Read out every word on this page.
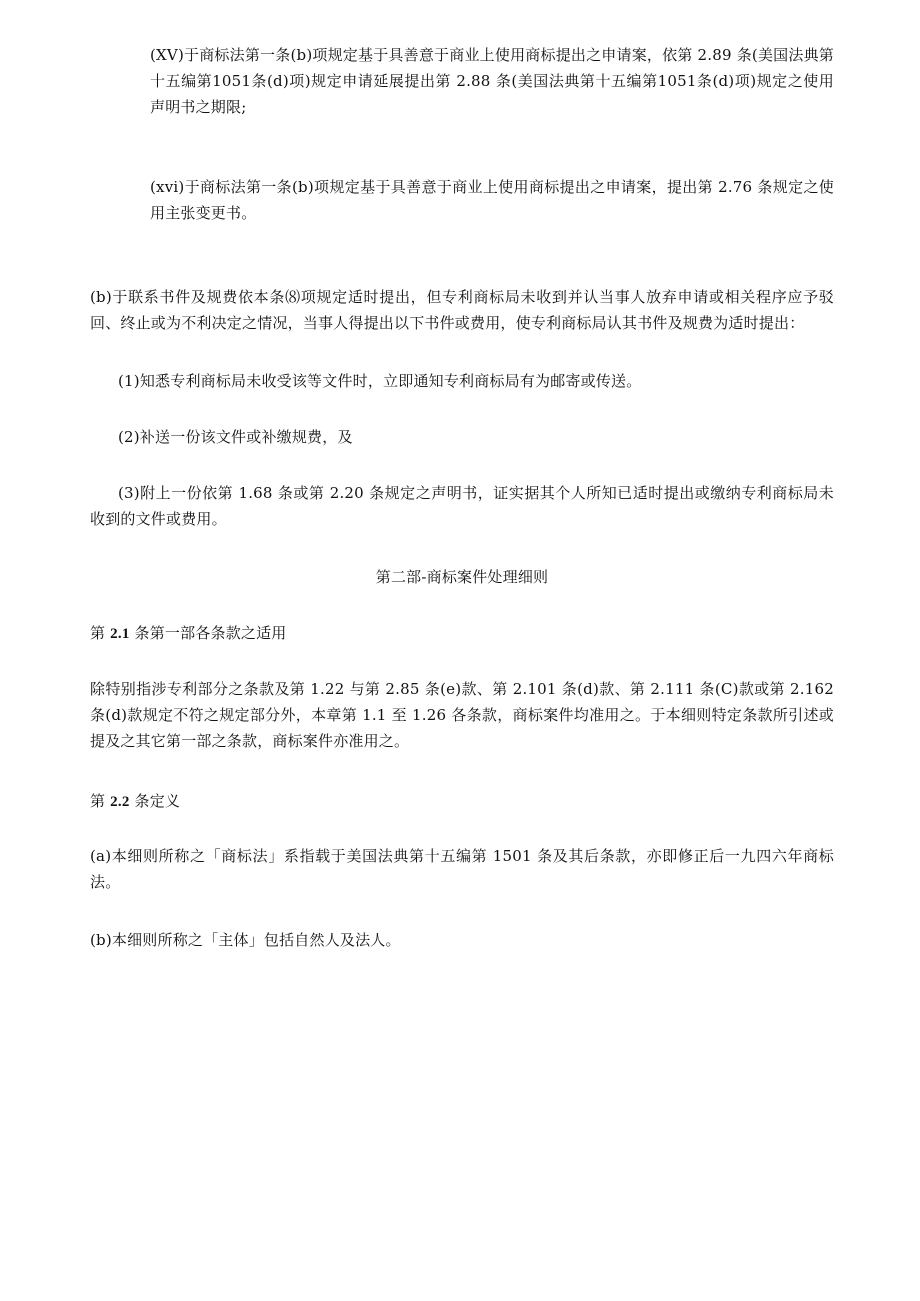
(XV)于商标法第一条(b)项规定基于具善意于商业上使用商标提出之申请案，依第 2.89 条(美国法典第十五编第1051条(d)项)规定申请延展提出第 2.88 条(美国法典第十五编第1051条(d)项)规定之使用声明书之期限;

(xvi)于商标法第一条(b)项规定基于具善意于商业上使用商标提出之申请案，提出第 2.76 条规定之使用主张变更书。

(b)于联系书件及规费依本条⑻项规定适时提出，但专利商标局未收到并认当事人放弃申请或相关程序应予驳回、终止或为不利决定之情况，当事人得提出以下书件或费用，使专利商标局认其书件及规费为适时提出：

(1)知悉专利商标局未收受该等文件时，立即通知专利商标局有为邮寄或传送。

(2)补送一份该文件或补缴规费，及

(3)附上一份依第 1.68 条或第 2.20 条规定之声明书，证实据其个人所知已适时提出或缴纳专利商标局未收到的文件或费用。

第二部-商标案件处理细则

第 2.1 条第一部各条款之适用

除特别指涉专利部分之条款及第 1.22 与第 2.85 条(e)款、第 2.101 条(d)款、第 2.111 条(C)款或第 2.162 条(d)款规定不符之规定部分外，本章第 1.1 至 1.26 各条款，商标案件均准用之。于本细则特定条款所引述或提及之其它第一部之条款，商标案件亦准用之。

第 2.2 条定义

(a)本细则所称之「商标法」系指载于美国法典第十五编第 1501 条及其后条款，亦即修正后一九四六年商标法。

(b)本细则所称之「主体」包括自然人及法人。
